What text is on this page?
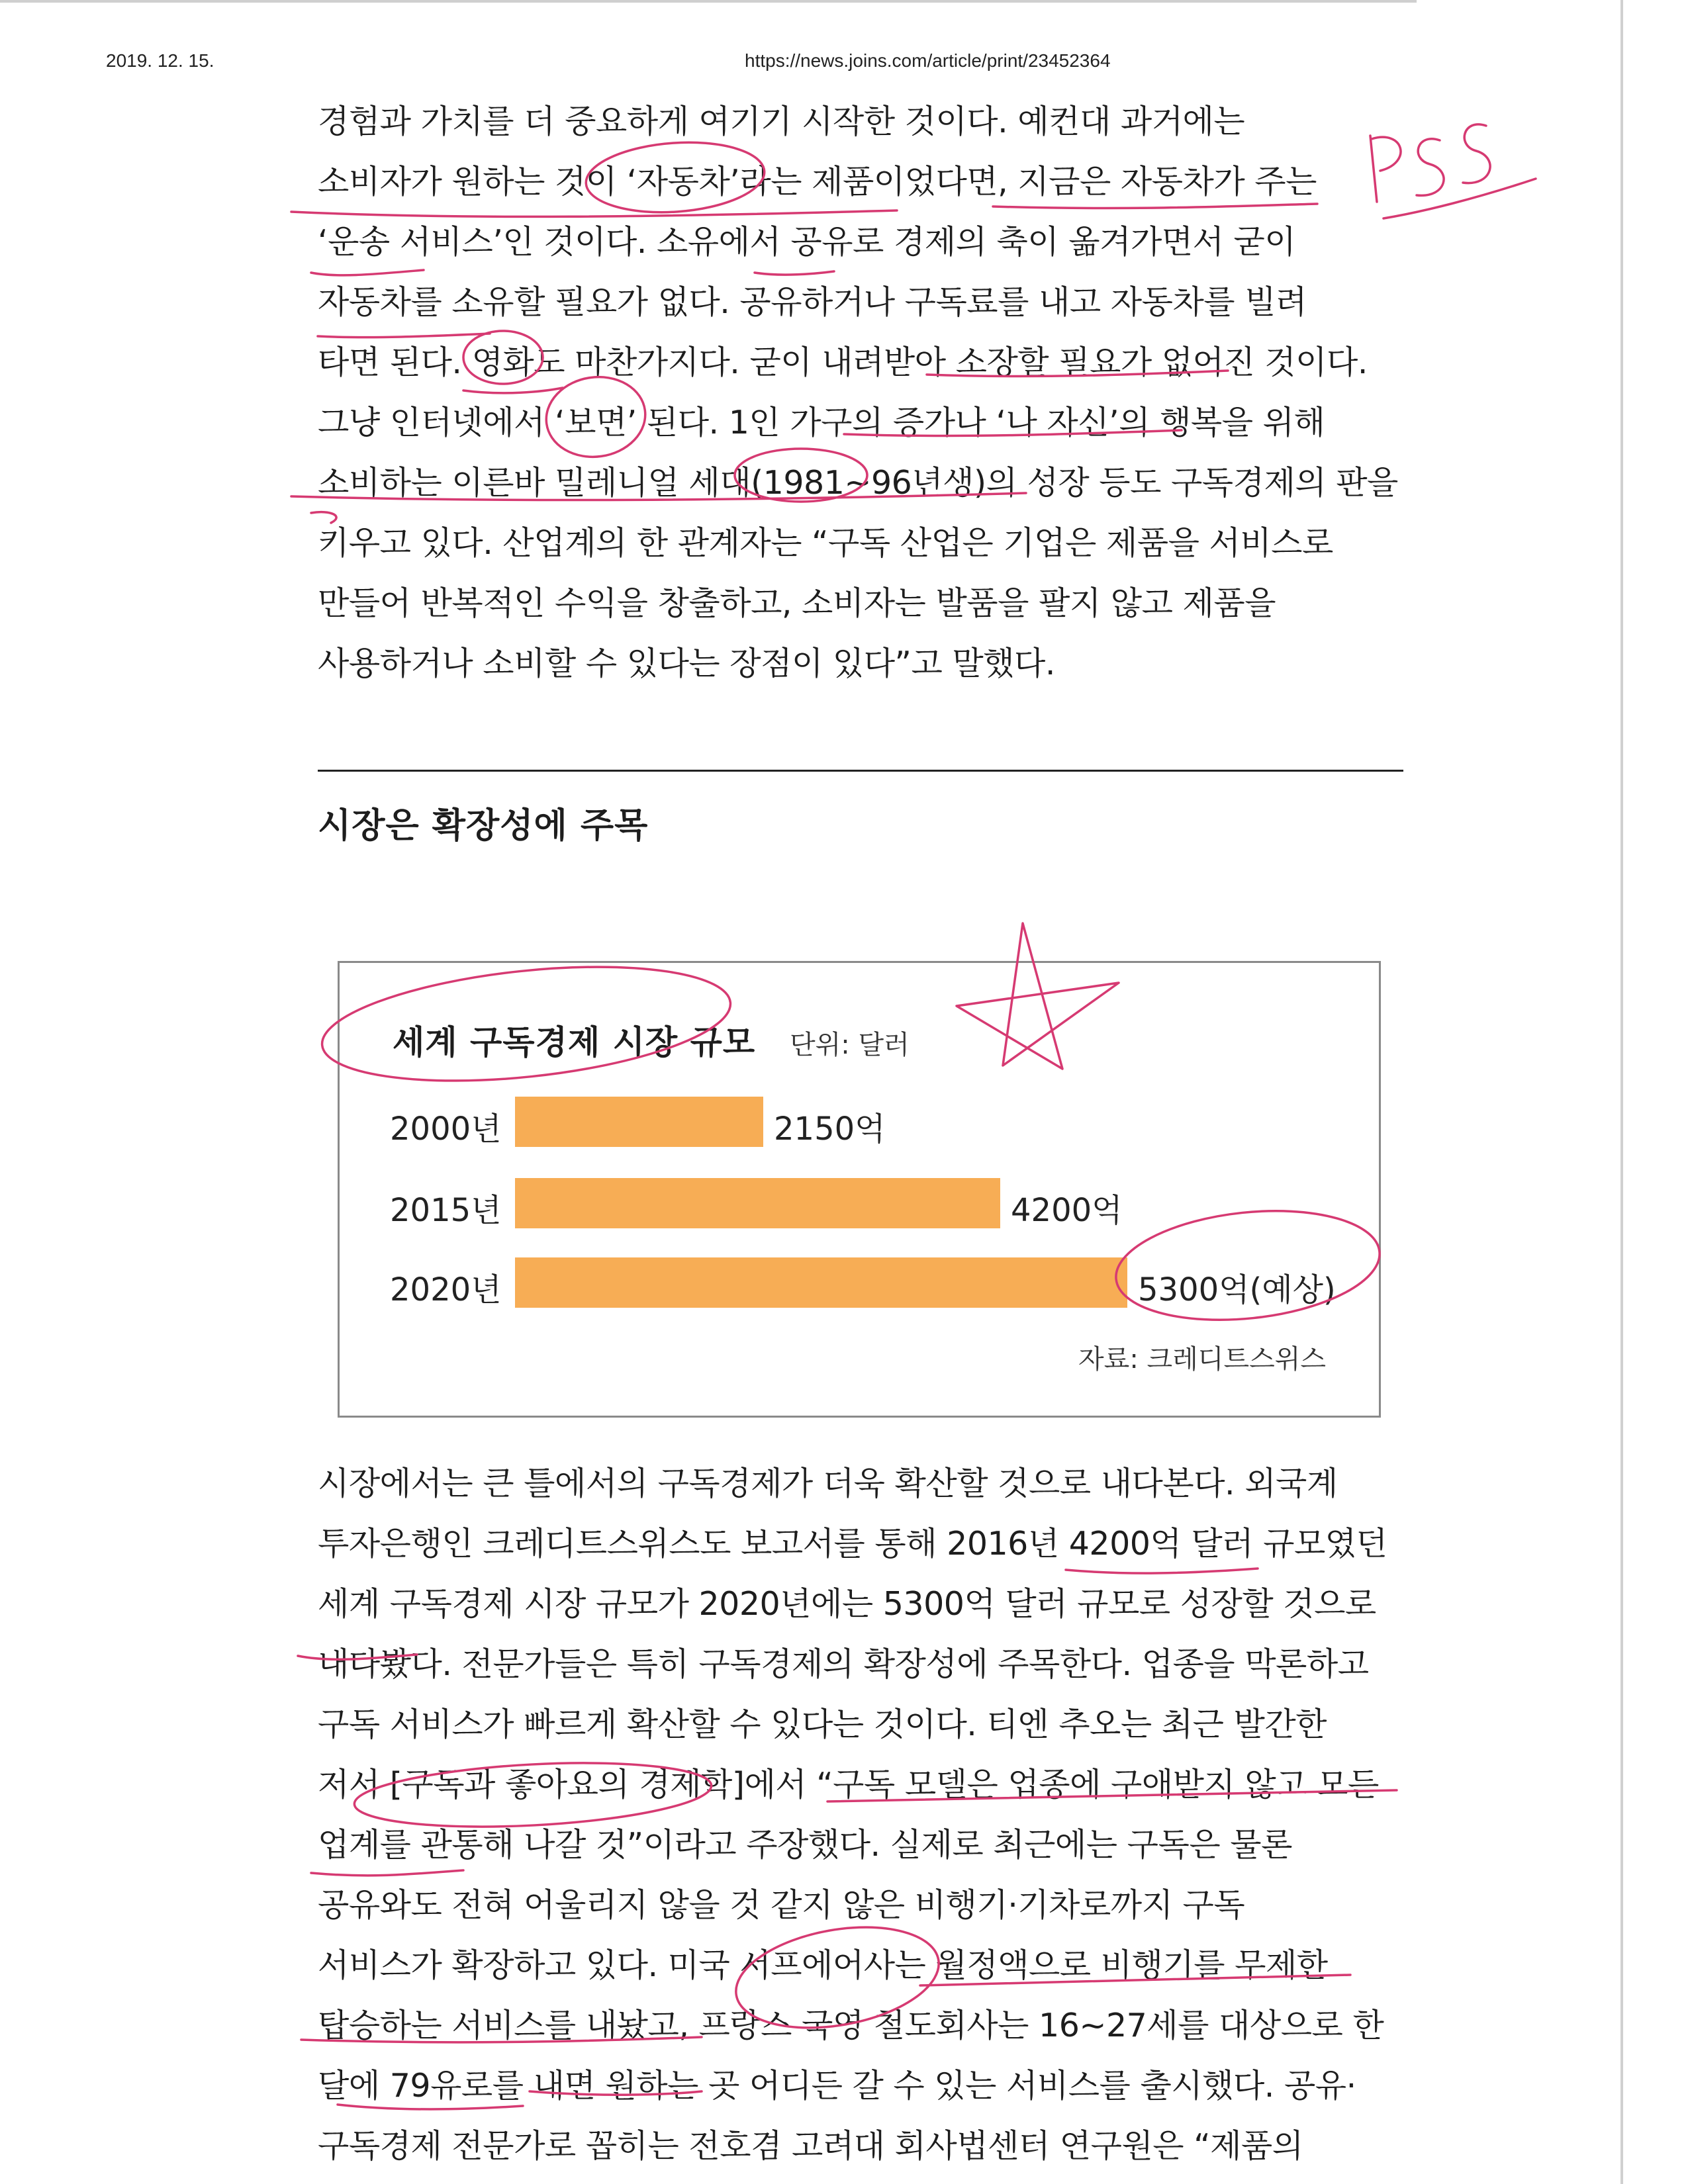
2019. 12. 15.	https://news.joins.com/article/print/23452364
경험과 가치를 더 중요하게 여기기 시작한 것이다. 예컨대 과거에는
소비자가 원하는 것이 ‘자동차’라는 제품이었다면, 지금은 자동차가 주는
‘운송 서비스’인 것이다. 소유에서 공유로 경제의 축이 옮겨가면서 굳이
자동차를 소유할 필요가 없다. 공유하거나 구독료를 내고 자동차를 빌려
타면 된다. 영화도 마찬가지다. 굳이 내려받아 소장할 필요가 없어진 것이다.
그냥 인터넷에서 ‘보면’ 된다. 1인 가구의 증가나 ‘나 자신’의 행복을 위해
소비하는 이른바 밀레니얼 세대(1981~96년생)의 성장 등도 구독경제의 판을
키우고 있다. 산업계의 한 관계자는 “구독 산업은 기업은 제품을 서비스로
만들어 반복적인 수익을 창출하고, 소비자는 발품을 팔지 않고 제품을
사용하거나 소비할 수 있다는 장점이 있다”고 말했다.
시장은 확장성에 주목
세계 구독경제 시장 규모 단위: 달러
2000년	2150억
2015년	4200억
2020년	5300억(예상)
자료: 크레디트스위스
시장에서는 큰 틀에서의 구독경제가 더욱 확산할 것으로 내다본다. 외국계
투자은행인 크레디트스위스도 보고서를 통해 2016년 4200억 달러 규모였던
세계 구독경제 시장 규모가 2020년에는 5300억 달러 규모로 성장할 것으로
내다봤다. 전문가들은 특히 구독경제의 확장성에 주목한다. 업종을 막론하고
구독 서비스가 빠르게 확산할 수 있다는 것이다. 티엔 추오는 최근 발간한
저서 [구독과 좋아요의 경제학]에서 “구독 모델은 업종에 구애받지 않고 모든
업계를 관통해 나갈 것”이라고 주장했다. 실제로 최근에는 구독은 물론
공유와도 전혀 어울리지 않을 것 같지 않은 비행기·기차로까지 구독
서비스가 확장하고 있다. 미국 서프에어사는 월정액으로 비행기를 무제한
탑승하는 서비스를 내놨고, 프랑스 국영 철도회사는 16~27세를 대상으로 한
달에 79유로를 내면 원하는 곳 어디든 갈 수 있는 서비스를 출시했다. 공유·
구독경제 전문가로 꼽히는 전호겸 고려대 회사법센터 연구원은 “제품의
